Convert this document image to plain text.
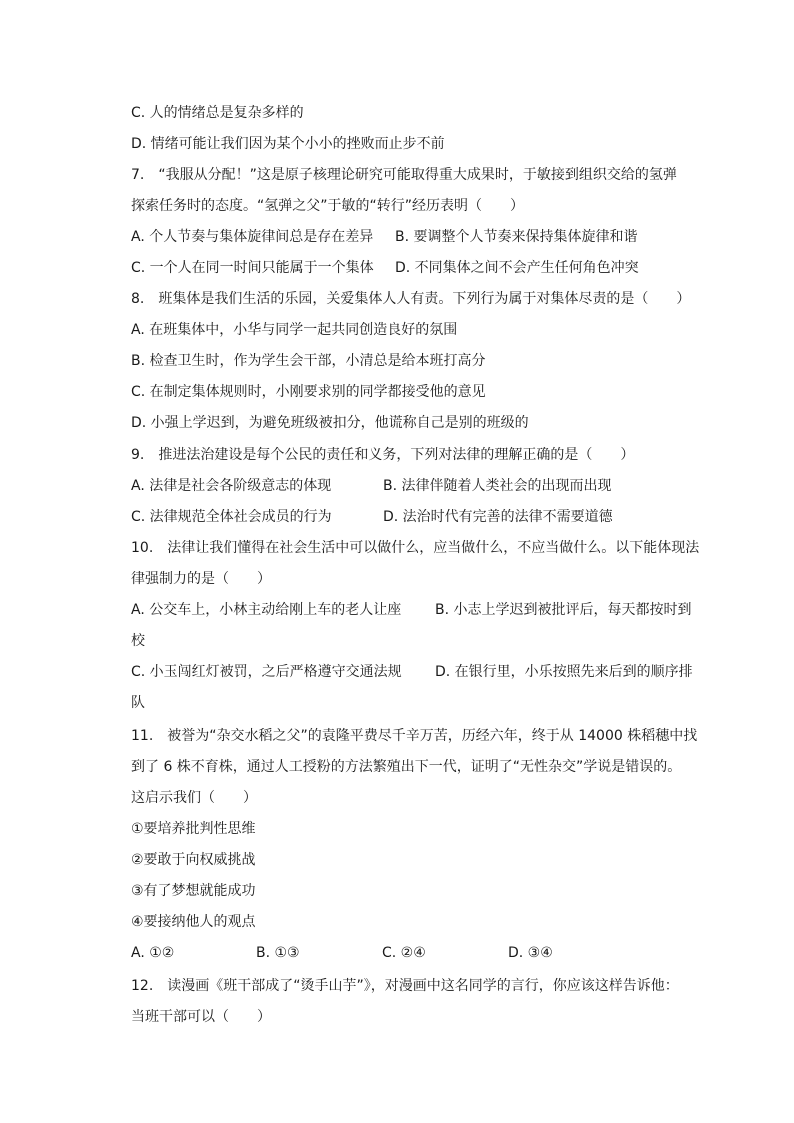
C. 人的情绪总是复杂多样的
D. 情绪可能让我们因为某个小小的挫败而止步不前
7.　“我服从分配！”这是原子核理论研究可能取得重大成果时，于敏接到组织交给的氢弹
探索任务时的态度。“氢弹之父”于敏的“转行”经历表明（　　）
A. 个人节奏与集体旋律间总是存在差异 B. 要调整个人节奏来保持集体旋律和谐
C. 一个人在同一时间只能属于一个集体 D. 不同集体之间不会产生任何角色冲突
8.　班集体是我们生活的乐园，关爱集体人人有责。下列行为属于对集体尽责的是（　　）
A. 在班集体中，小华与同学一起共同创造良好的氛围
B. 检查卫生时，作为学生会干部，小清总是给本班打高分
C. 在制定集体规则时，小刚要求别的同学都接受他的意见
D. 小强上学迟到，为避免班级被扣分，他谎称自己是别的班级的
9.　推进法治建设是每个公民的责任和义务，下列对法律的理解正确的是（　　）
A. 法律是社会各阶级意志的体现	B. 法律伴随着人类社会的出现而出现
C. 法律规范全体社会成员的行为	D. 法治时代有完善的法律不需要道德
10.　法律让我们懂得在社会生活中可以做什么，应当做什么，不应当做什么。以下能体现法
律强制力的是（　　）
A. 公交车上，小林主动给刚上车的老人让座 B. 小志上学迟到被批评后，每天都按时到
校
C. 小玉闯红灯被罚，之后严格遵守交通法规 D. 在银行里，小乐按照先来后到的顺序排
队
11.　被誉为“杂交水稻之父”的袁隆平费尽千辛万苦，历经六年，终于从 14000 株稻穗中找
到了 6 株不育株，通过人工授粉的方法繁殖出下一代，证明了“无性杂交”学说是错误的。
这启示我们（　　）
①要培养批判性思维
②要敢于向权威挑战
③有了梦想就能成功
④要接纳他人的观点
A. ①②	B. ①③	C. ②④	D. ③④
12.　读漫画《班干部成了“烫手山芋”》，对漫画中这名同学的言行，你应该这样告诉他：
当班干部可以（　　）
